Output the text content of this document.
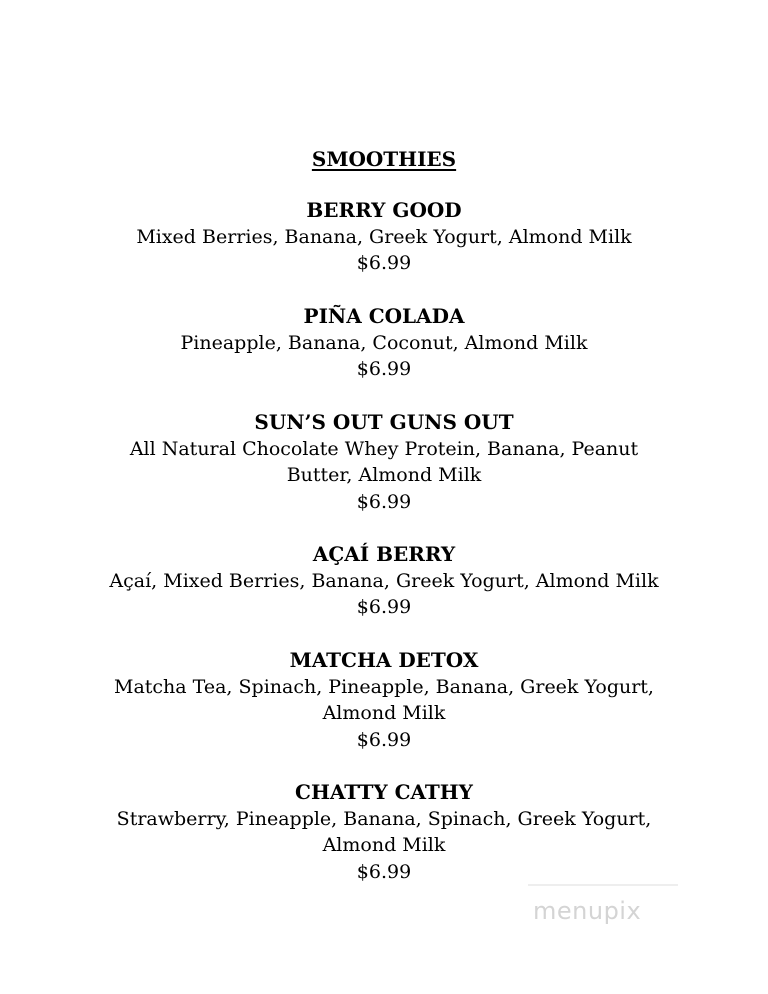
SMOOTHIES
BERRY GOOD
Mixed Berries, Banana, Greek Yogurt, Almond Milk
$6.99
PIÑA COLADA
Pineapple, Banana, Coconut, Almond Milk
$6.99
SUN’S OUT GUNS OUT
All Natural Chocolate Whey Protein, Banana, Peanut
Butter, Almond Milk
$6.99
AÇAÍ BERRY
Açaí, Mixed Berries, Banana, Greek Yogurt, Almond Milk
$6.99
MATCHA DETOX
Matcha Tea, Spinach, Pineapple, Banana, Greek Yogurt,
Almond Milk
$6.99
CHATTY CATHY
Strawberry, Pineapple, Banana, Spinach, Greek Yogurt,
Almond Milk
$6.99
menupix
